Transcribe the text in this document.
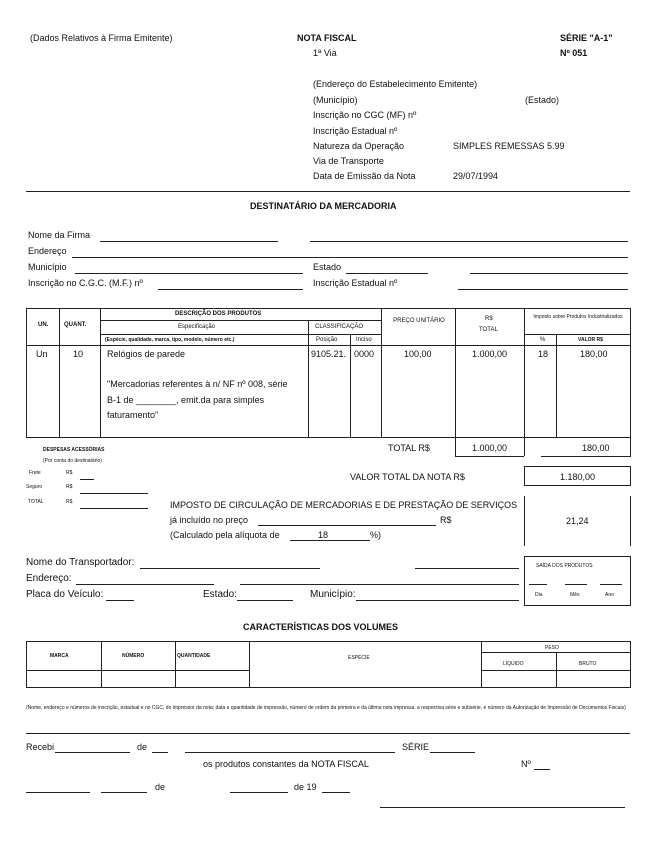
(Dados Relativos à Firma Emitente)	NOTA FISCAL
1ª Via
SÉRIE "A-1"
Nº 051
(Endereço do Estabelecimento Emitente)
(Município)	(Estado)
Inscrição no CGC (MF) nº
Inscrição Estadual nº
Natureza da Operação	SIMPLES REMESSAS 5.99
Via de Transporte
Data de Emissão da Nota	29/07/1994
DESTINATÁRIO DA MERCADORIA
Nome da Firma
Endereço
Município	Estado
Inscrição no C.G.C. (M.F.) nº	Inscrição Estadual nº
UN.	QUANT.
DESCRIÇÃO DOS PRODUTOS
Especificação
(Espécie, qualidade, marca, tipo, modelo, número etc.)
CLASSIFICAÇÃO
Posição	Inciso
PREÇO UNITÁRIO	R$
TOTAL
Imposto sobre Produtos Industrializados
%	VALOR R$
Un	10	Relógios de parede	9105.21. 0000	100,00	1.000,00	18	180,00
"Mercadorias referentes à n/ NF nº 008, série
B-1 de ________, emit.da para simples
faturamento"
TOTAL R$	1.000,00	180,00
DESPESAS ACESSÓRIAS
(Por conta do destinatário)
Frete	R$
Seguro	R$
TOTAL	R$
VALOR TOTAL DA NOTA R$	1.180,00
IMPOSTO DE CIRCULAÇÃO DE MERCADORIAS E DE PRESTAÇÃO DE SERVIÇOS
já incluído no preço	R$
(Calculado pela alíquota de	18	%)
21,24
Nome do Transportador:
Endereço:
Placa do Veículo:	Estado:	Município:
SAÍDA DOS PRODUTOS
Dia	Mês	Ano
CARACTERÍSTICAS DOS VOLUMES
MARCA	NÚMERO	QUANTIDADE	ESPÉCIE
PESO
LÍQUIDO	BRUTO
(Nome, endereço e números de inscrição, estadual e no CGC, do impressor da nota; data e quantidade de impressão, número de ordem da primeira e da última nota impressa, a respectiva série e subsérie, e número da Autorização de Impressão de Documentos Fiscais)
Recebi	de	SÉRIE
os produtos constantes da NOTA FISCAL	Nº
de	de 19
